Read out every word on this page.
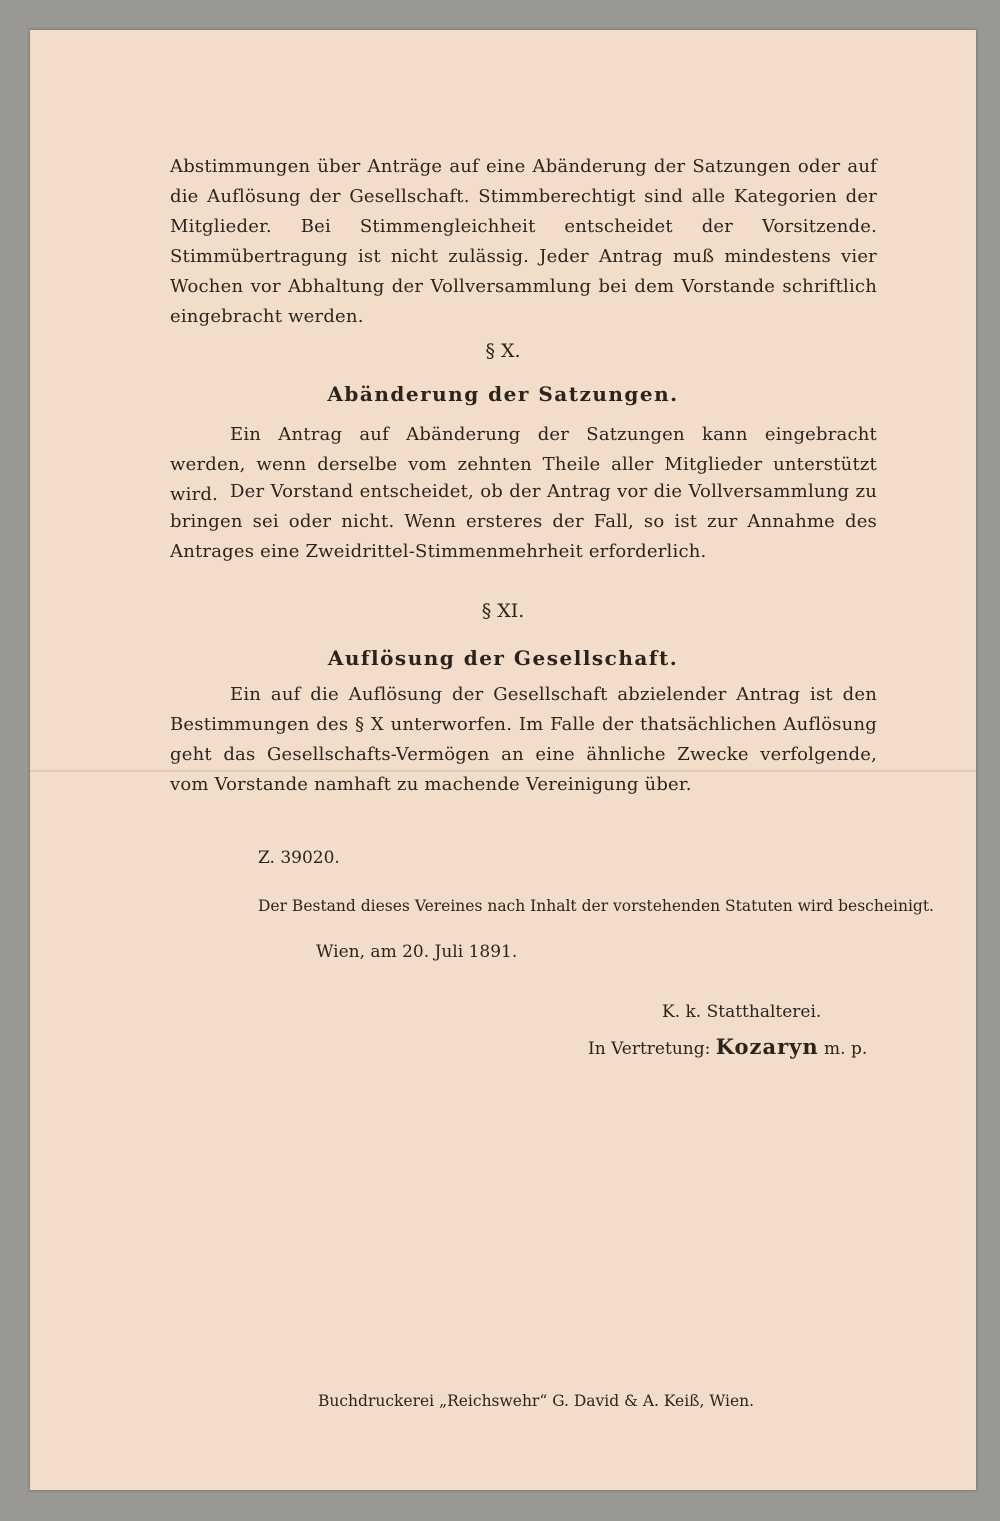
Abstimmungen über Anträge auf eine Abänderung der Satzungen oder auf die Auflösung der Gesellschaft. Stimmberechtigt sind alle Kategorien der Mitglieder. Bei Stimmengleichheit entscheidet der Vorsitzende. Stimmübertragung ist nicht zulässig. Jeder Antrag muß mindestens vier Wochen vor Abhaltung der Vollversammlung bei dem Vorstande schriftlich eingebracht werden.
§ X.
Abänderung der Satzungen.
Ein Antrag auf Abänderung der Satzungen kann eingebracht werden, wenn derselbe vom zehnten Theile aller Mitglieder unterstützt wird. Der Vorstand entscheidet, ob der Antrag vor die Vollversammlung zu bringen sei oder nicht. Wenn ersteres der Fall, so ist zur Annahme des Antrages eine Zweidrittel-Stimmenmehrheit erforderlich.
§ XI.
Auflösung der Gesellschaft.
Ein auf die Auflösung der Gesellschaft abzielender Antrag ist den Bestimmungen des § X unterworfen. Im Falle der thatsächlichen Auflösung geht das Gesellschafts-Vermögen an eine ähnliche Zwecke verfolgende, vom Vorstande namhaft zu machende Vereinigung über.
Z. 39020.
Der Bestand dieses Vereines nach Inhalt der vorstehenden Statuten wird bescheinigt.
Wien, am 20. Juli 1891.
K. k. Statthalterei.
In Vertretung: Kozaryn m. p.
Buchdruckerei „Reichswehr“ G. David & A. Keiß, Wien.
